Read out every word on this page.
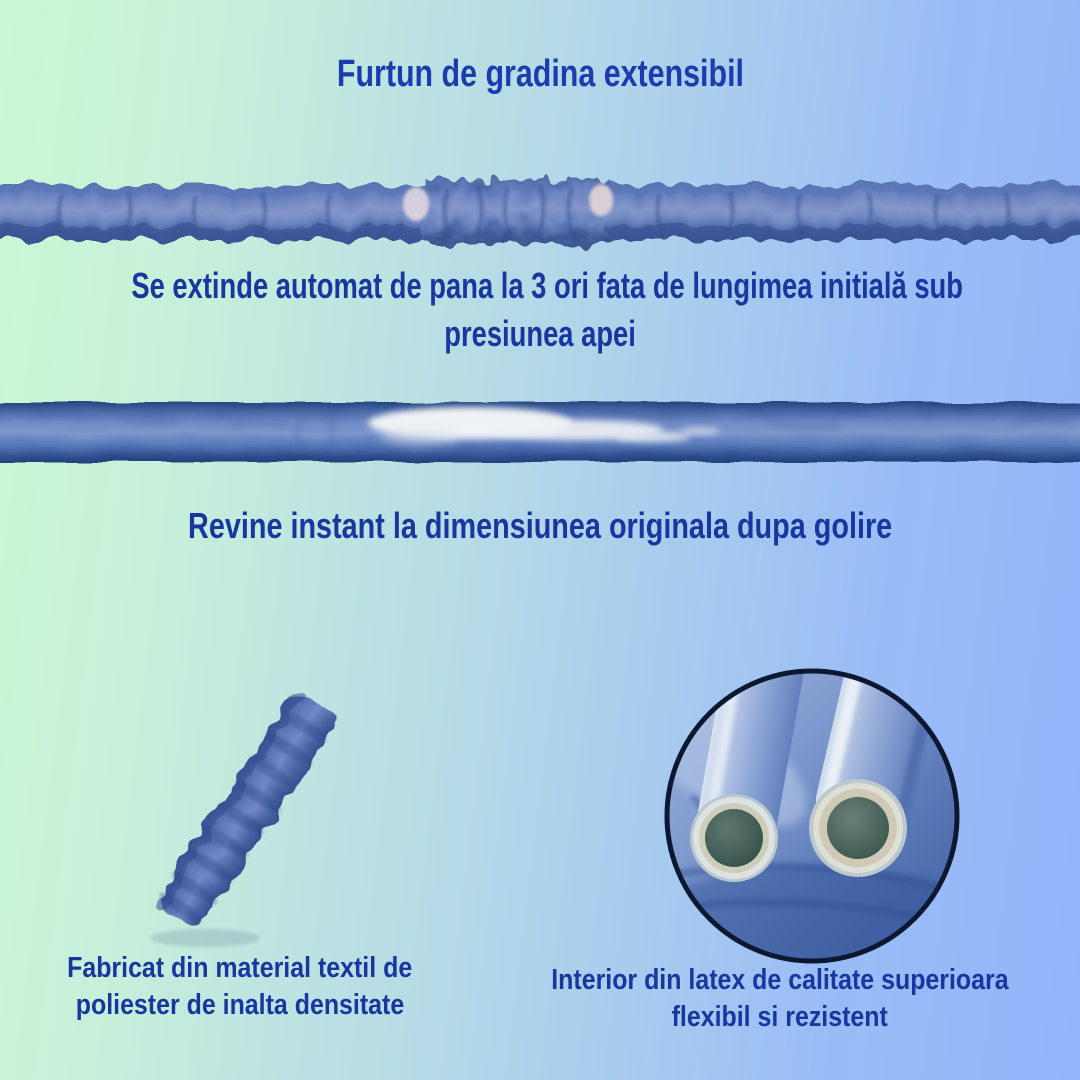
Furtun de gradina extensibil

Se extinde automat de pana la 3 ori fata de lungimea initială sub
presiunea apei

Revine instant la dimensiunea originala dupa golire

Fabricat din material textil de
poliester de inalta densitate

Interior din latex de calitate superioara
flexibil si rezistent
